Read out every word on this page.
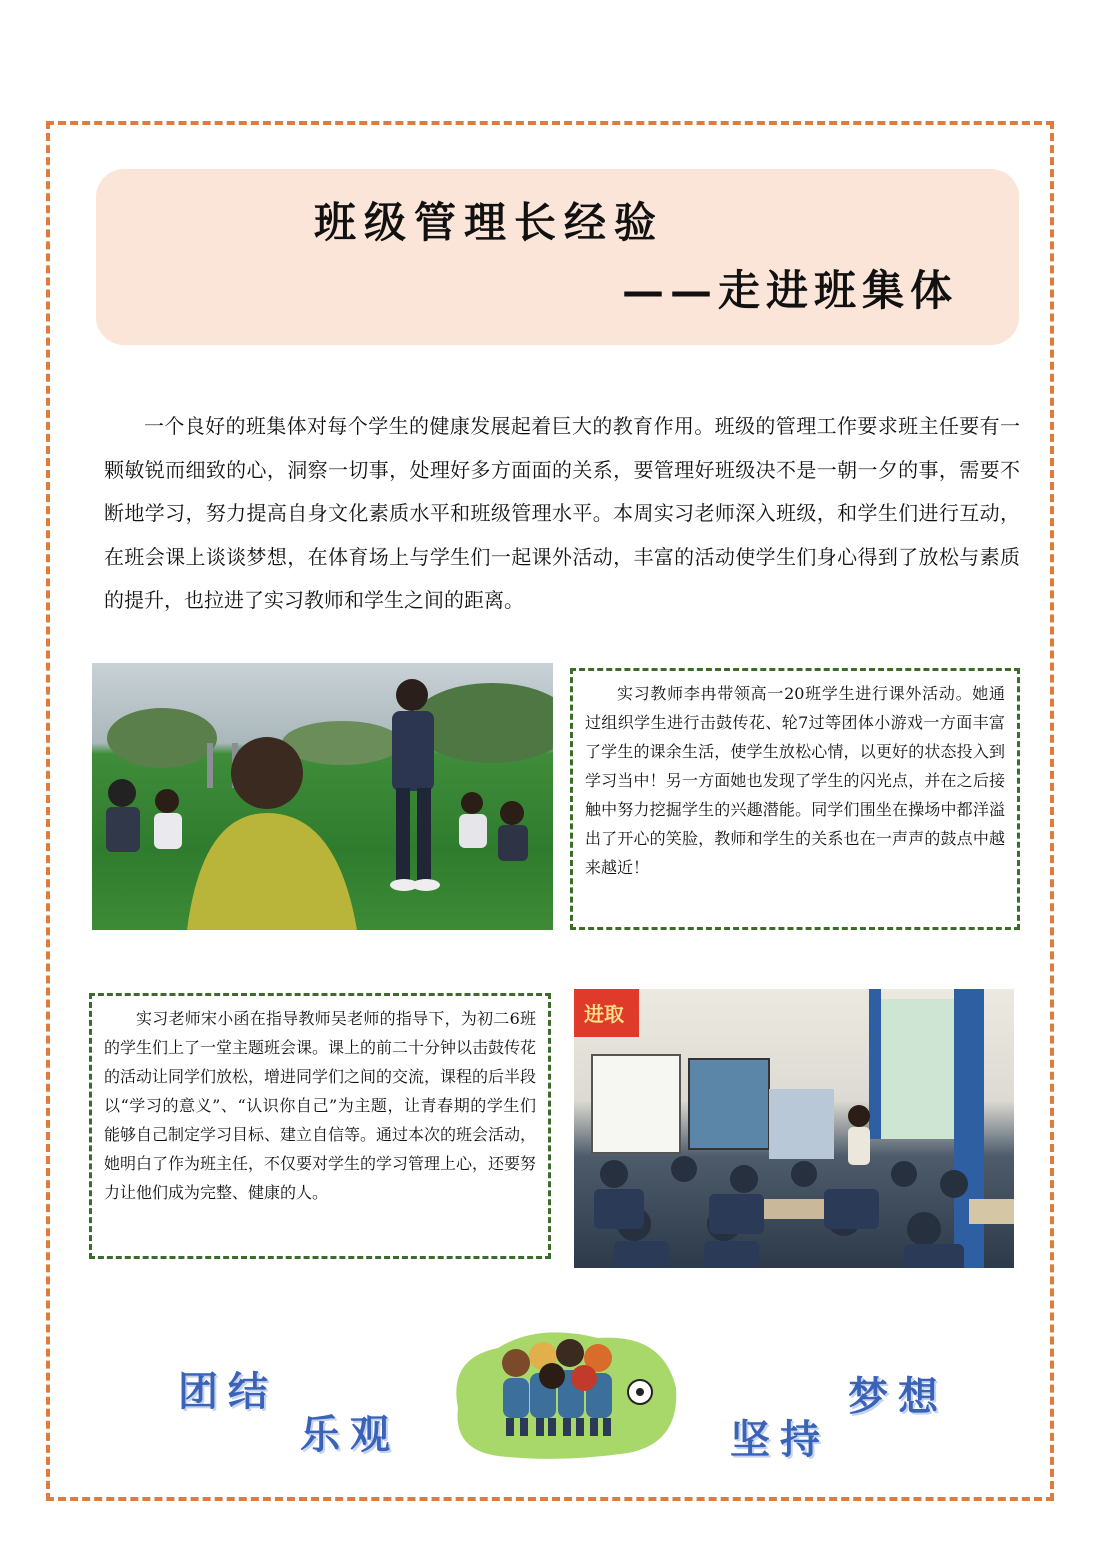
班级管理长经验
——走进班集体

一个良好的班集体对每个学生的健康发展起着巨大的教育作用。班级的管理工作要求班主任要有一颗敏锐而细致的心，洞察一切事，处理好多方面面的关系，要管理好班级决不是一朝一夕的事，需要不断地学习，努力提高自身文化素质水平和班级管理水平。本周实习老师深入班级，和学生们进行互动，在班会课上谈谈梦想，在体育场上与学生们一起课外活动，丰富的活动使学生们身心得到了放松与素质的提升，也拉进了实习教师和学生之间的距离。

实习教师李冉带领高一20班学生进行课外活动。她通过组织学生进行击鼓传花、轮7过等团体小游戏一方面丰富了学生的课余生活，使学生放松心情，以更好的状态投入到学习当中！另一方面她也发现了学生的闪光点，并在之后接触中努力挖掘学生的兴趣潜能。同学们围坐在操场中都洋溢出了开心的笑脸，教师和学生的关系也在一声声的鼓点中越来越近！

实习老师宋小函在指导教师吴老师的指导下，为初二6班的学生们上了一堂主题班会课。课上的前二十分钟以击鼓传花的活动让同学们放松，增进同学们之间的交流，课程的后半段以“学习的意义”、“认识你自己”为主题，让青春期的学生们能够自己制定学习目标、建立自信等。通过本次的班会活动，她明白了作为班主任，不仅要对学生的学习管理上心，还要努力让他们成为完整、健康的人。

进取
团结
乐观	坚持
梦想
